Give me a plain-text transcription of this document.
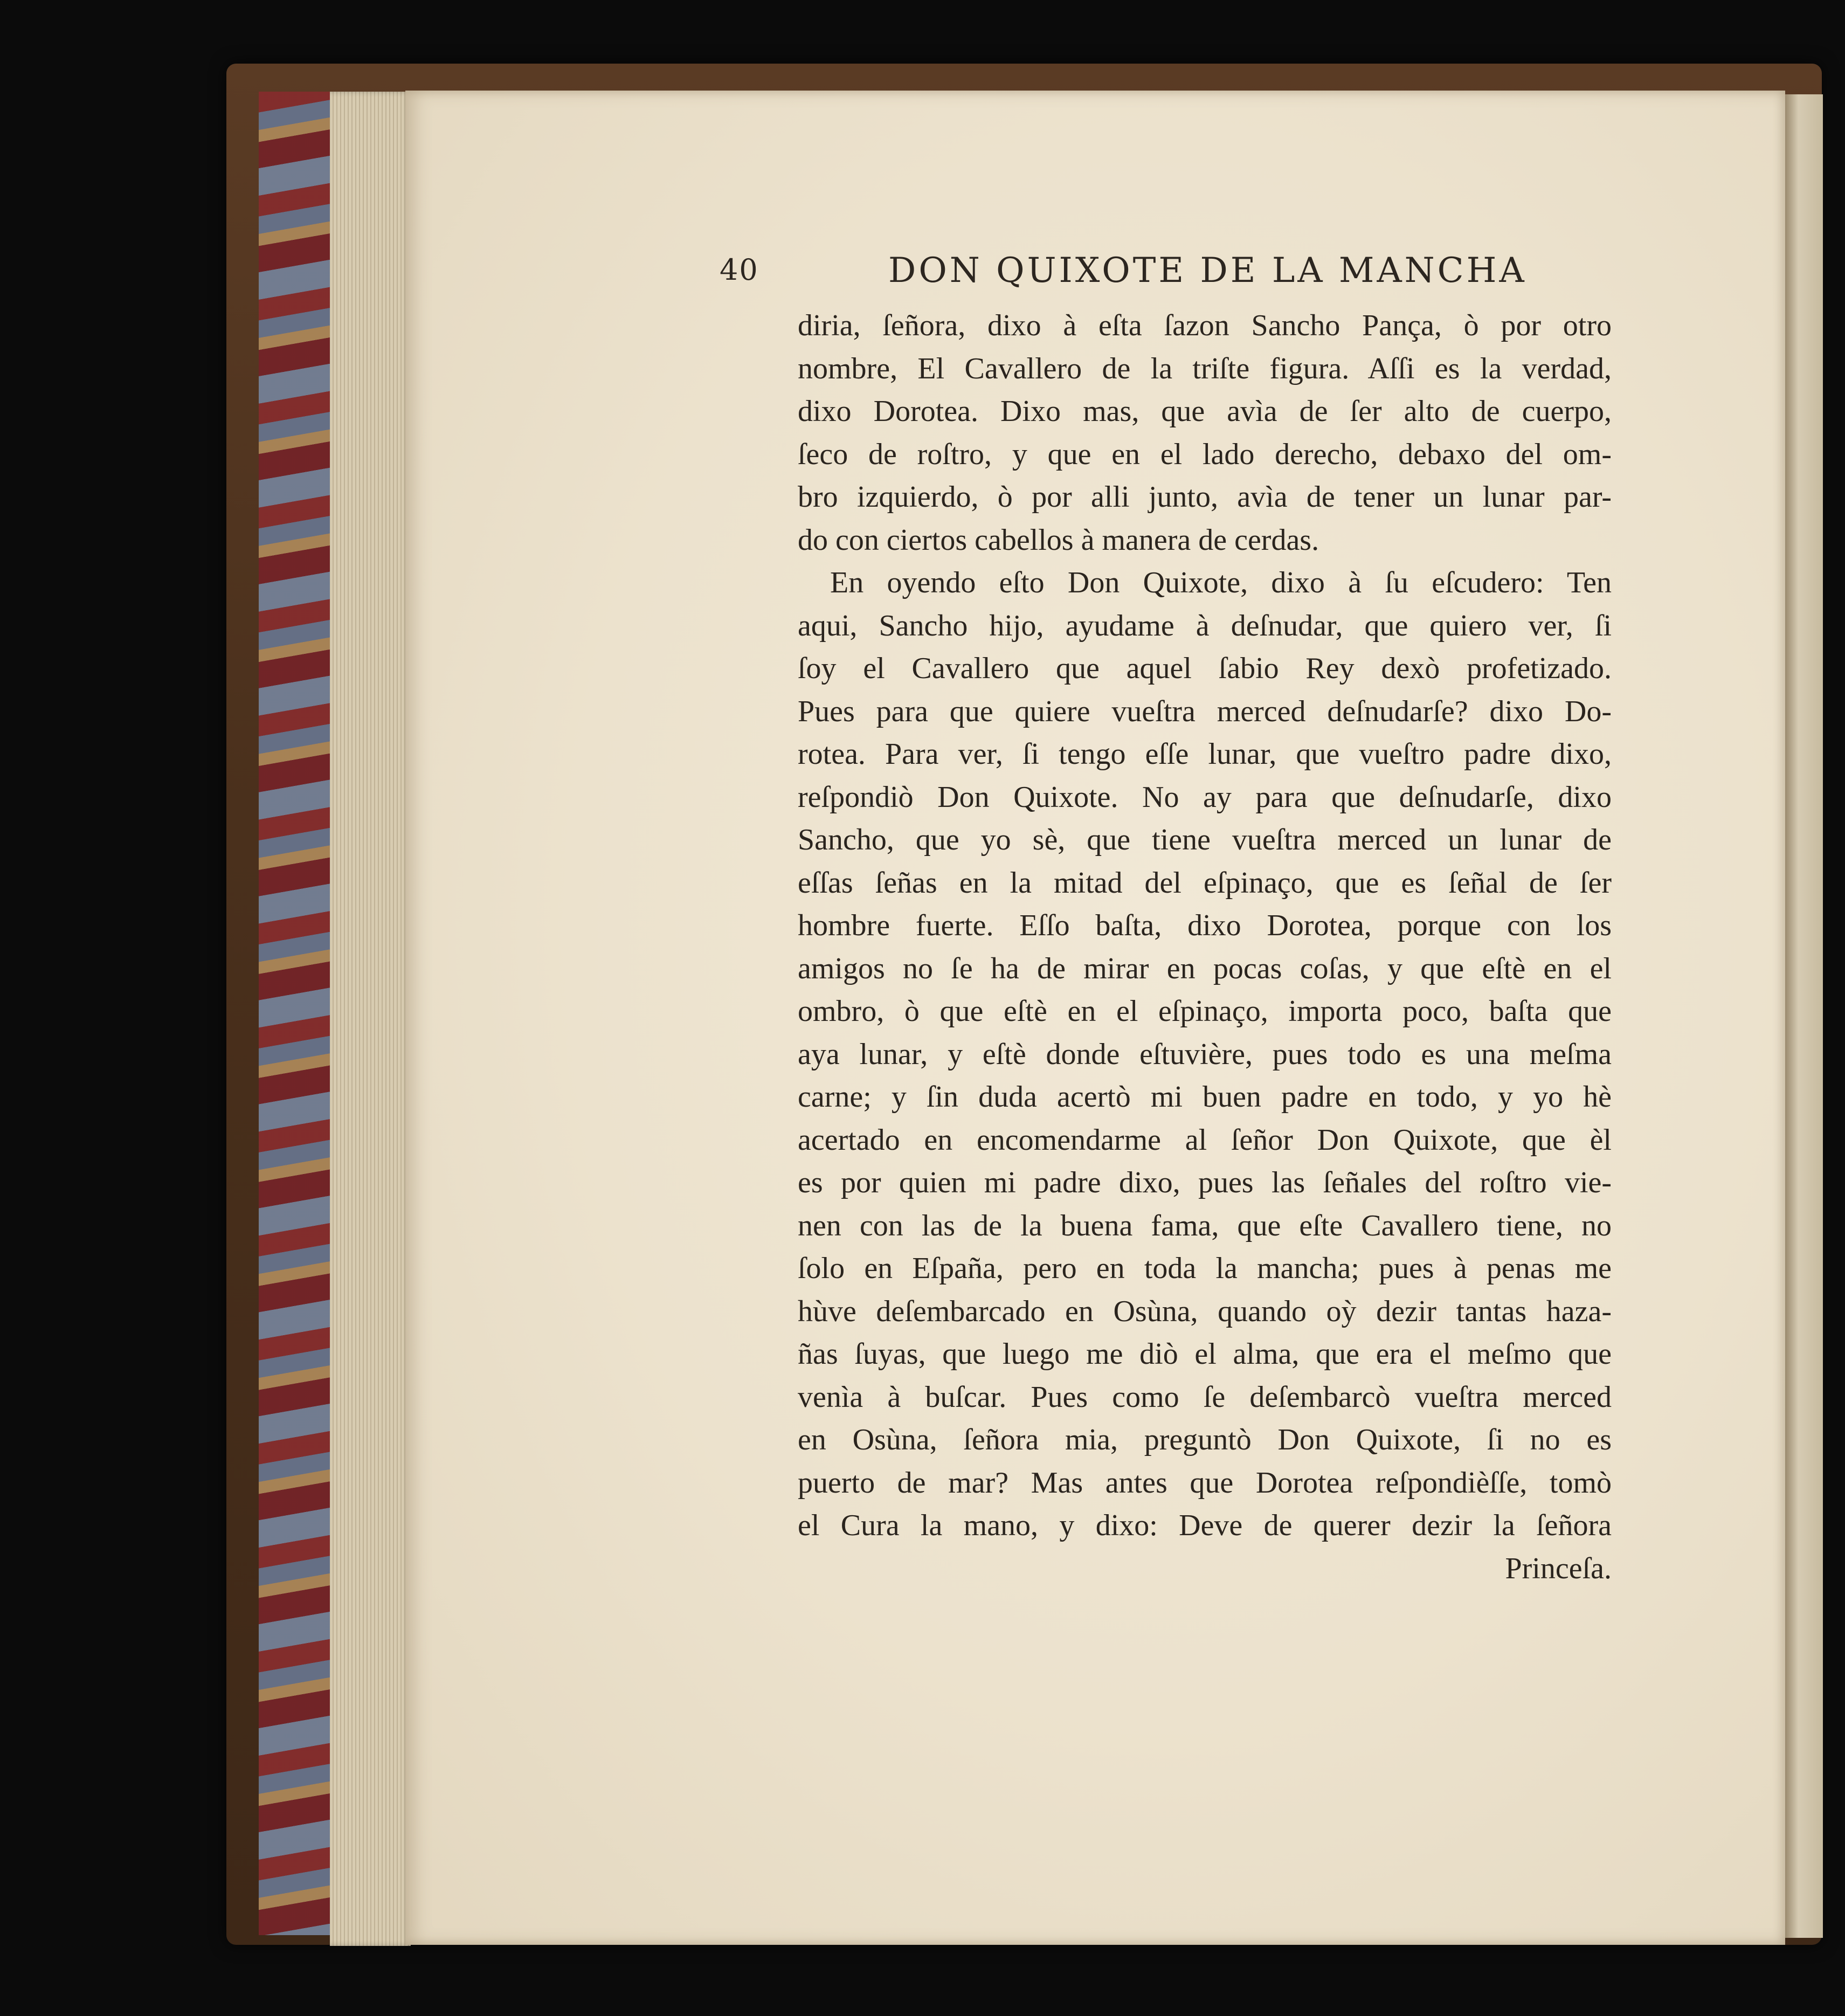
40	DON QUIXOTE DE LA MANCHA
diria, ſeñora, dixo à eſta ſazon Sancho Pança, ò por otro
nombre, El Cavallero de la triſte figura. Aſſi es la verdad,
dixo Dorotea. Dixo mas, que avìa de ſer alto de cuerpo,
ſeco de roſtro, y que en el lado derecho, debaxo del om-
bro izquierdo, ò por alli junto, avìa de tener un lunar par-
do con ciertos cabellos à manera de cerdas.
En oyendo eſto Don Quixote, dixo à ſu eſcudero: Ten
aqui, Sancho hijo, ayudame à deſnudar, que quiero ver, ſi
ſoy el Cavallero que aquel ſabio Rey dexò profetizado.
Pues para que quiere vueſtra merced deſnudarſe? dixo Do-
rotea. Para ver, ſi tengo eſſe lunar, que vueſtro padre dixo,
reſpondiò Don Quixote. No ay para que deſnudarſe, dixo
Sancho, que yo sè, que tiene vueſtra merced un lunar de
eſſas ſeñas en la mitad del eſpinaço, que es ſeñal de ſer
hombre fuerte. Eſſo baſta, dixo Dorotea, porque con los
amigos no ſe ha de mirar en pocas coſas, y que eſtè en el
ombro, ò que eſtè en el eſpinaço, importa poco, baſta que
aya lunar, y eſtè donde eſtuvière, pues todo es una meſma
carne; y ſin duda acertò mi buen padre en todo, y yo hè
acertado en encomendarme al ſeñor Don Quixote, que èl
es por quien mi padre dixo, pues las ſeñales del roſtro vie-
nen con las de la buena fama, que eſte Cavallero tiene, no
ſolo en Eſpaña, pero en toda la mancha; pues à penas me
hùve deſembarcado en Osùna, quando oỳ dezir tantas haza-
ñas ſuyas, que luego me diò el alma, que era el meſmo que
venìa à buſcar. Pues como ſe deſembarcò vueſtra merced
en Osùna, ſeñora mia, preguntò Don Quixote, ſi no es
puerto de mar? Mas antes que Dorotea reſpondièſſe, tomò
el Cura la mano, y dixo: Deve de querer dezir la ſeñora
Princeſa.
